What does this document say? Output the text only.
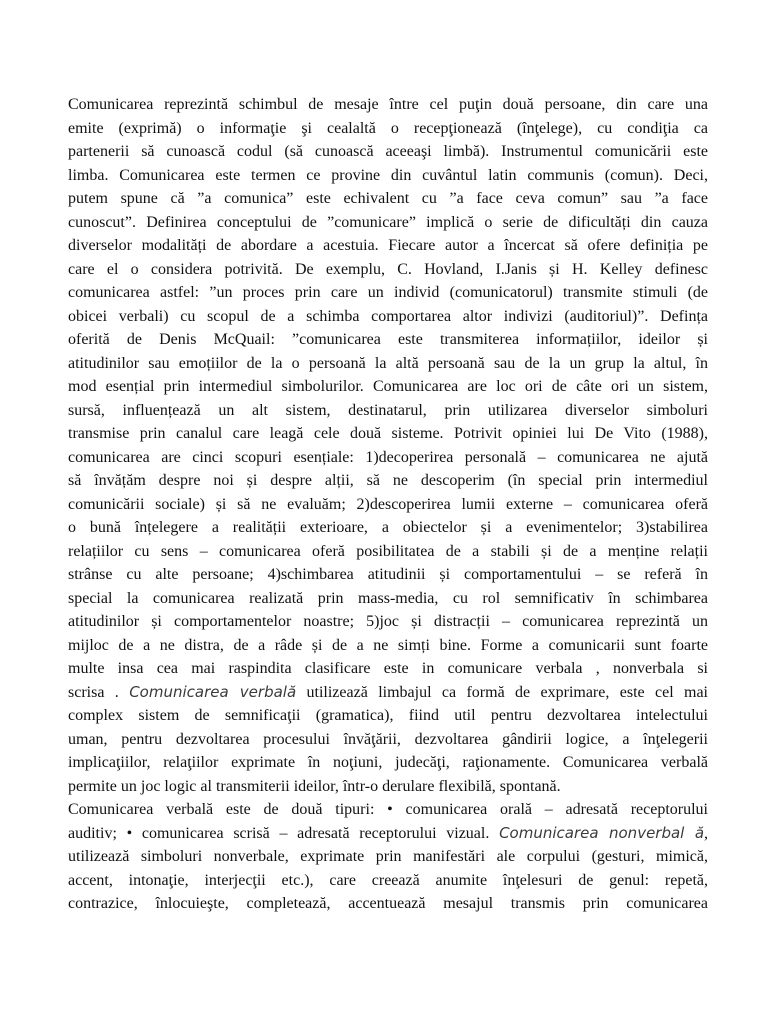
Comunicarea reprezintă schimbul de mesaje între cel puţin două persoane, din care una
emite (exprimă) o informaţie şi cealaltă o recepţionează (înţelege), cu condiţia ca
partenerii să cunoască codul (să cunoască aceeaşi limbă). Instrumentul comunicării este
limba. Comunicarea este termen ce provine din cuvântul latin communis (comun). Deci,
putem spune că ”a comunica” este echivalent cu ”a face ceva comun” sau ”a face
cunoscut”. Definirea conceptului de ”comunicare” implică o serie de dificultăți din cauza
diverselor modalități de abordare a acestuia. Fiecare autor a încercat să ofere definiția pe
care el o considera potrivită. De exemplu, C. Hovland, I.Janis și H. Kelley definesc
comunicarea astfel: ”un proces prin care un individ (comunicatorul) transmite stimuli (de
obicei verbali) cu scopul de a schimba comportarea altor indivizi (auditoriul)”. Defința
oferită de Denis McQuail: ”comunicarea este transmiterea informațiilor, ideilor și
atitudinilor sau emoțiilor de la o persoană la altă persoană sau de la un grup la altul, în
mod esențial prin intermediul simbolurilor. Comunicarea are loc ori de câte ori un sistem,
sursă, influențează un alt sistem, destinatarul, prin utilizarea diverselor simboluri
transmise prin canalul care leagă cele două sisteme. Potrivit opiniei lui De Vito (1988),
comunicarea are cinci scopuri esențiale: 1)decoperirea personală – comunicarea ne ajută
să învățăm despre noi și despre alții, să ne descoperim (în special prin intermediul
comunicării sociale) și să ne evaluăm; 2)descoperirea lumii externe – comunicarea oferă
o bună înțelegere a realității exterioare, a obiectelor și a evenimentelor; 3)stabilirea
relațiilor cu sens – comunicarea oferă posibilitatea de a stabili și de a menține relații
strânse cu alte persoane; 4)schimbarea atitudinii și comportamentului – se referă în
special la comunicarea realizată prin mass-media, cu rol semnificativ în schimbarea
atitudinilor și comportamentelor noastre; 5)joc și distracții – comunicarea reprezintă un
mijloc de a ne distra, de a râde și de a ne simți bine. Forme a comunicarii sunt foarte
multe insa cea mai raspindita clasificare este in comunicare verbala , nonverbala si
scrisa . Comunicarea verbală utilizează limbajul ca formă de exprimare, este cel mai
complex sistem de semnificaţii (gramatica), fiind util pentru dezvoltarea intelectului
uman, pentru dezvoltarea procesului învăţării, dezvoltarea gândirii logice, a înţelegerii
implicaţiilor, relaţiilor exprimate în noţiuni, judecăţi, raţionamente. Comunicarea verbală
permite un joc logic al transmiterii ideilor, într-o derulare flexibilă, spontană.
Comunicarea verbală este de două tipuri: • comunicarea orală – adresată receptorului
auditiv; • comunicarea scrisă – adresată receptorului vizual. Comunicarea nonverbal ă,
utilizează simboluri nonverbale, exprimate prin manifestări ale corpului (gesturi, mimică,
accent, intonaţie, interjecţii etc.), care creează anumite înţelesuri de genul: repetă,
contrazice, înlocuieşte, completează, accentuează mesajul transmis prin comunicarea
